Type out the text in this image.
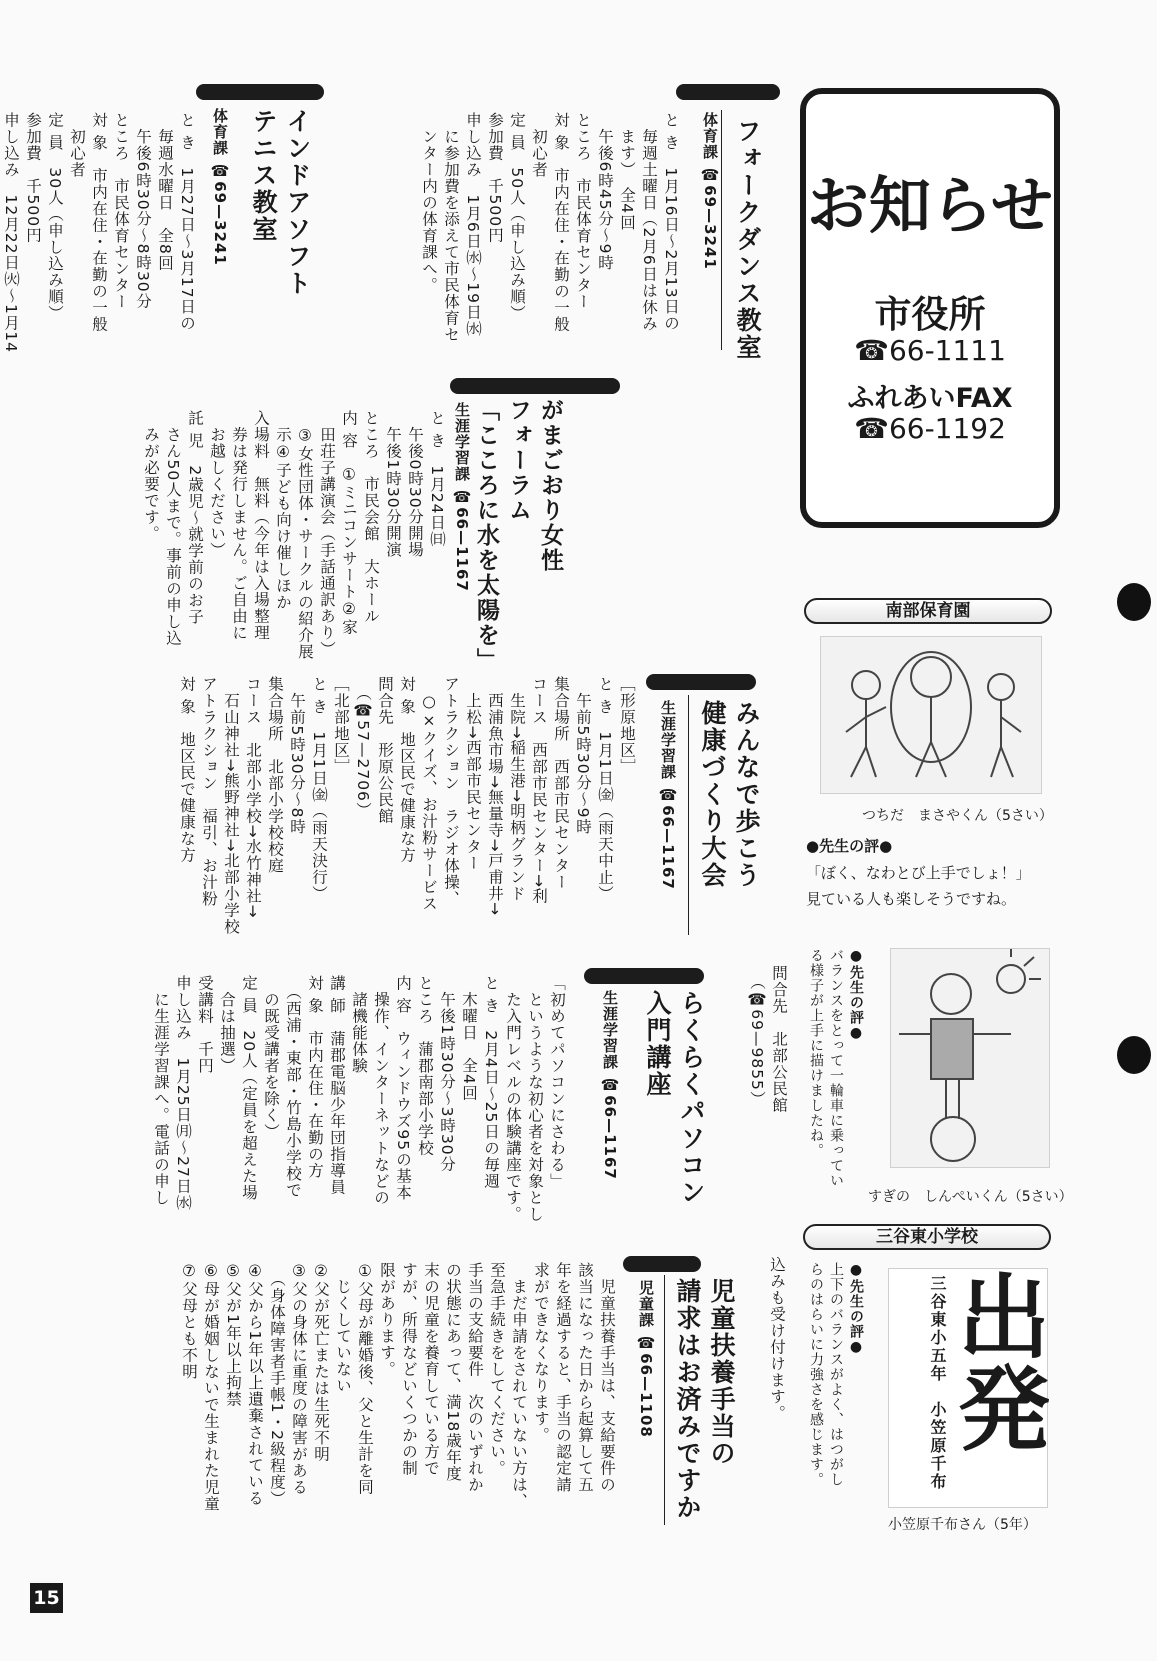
フォークダンス教室
体育課 ☎69—3241

と き　1月16日～2月13日の

　毎週土曜日（2月6日は休み

　ます）　全4回

　午後6時45分～9時

ところ　市民体育センター

対 象　市内在住・在勤の一般

　初心者

定 員　50人（申し込み順）

参加費　千500円

申し込み　1月6日㈬～19日㈬

　に参加費を添えて市民体育セ

　ンター内の体育課へ。

インドアソフト
テニス教室
体育課 ☎69—3241

と き　1月27日～3月17日の

　毎週水曜日　全8回

　午後6時30分～8時30分

ところ　市民体育センター

対 象　市内在住・在勤の一般

　初心者

定 員　30人（申し込み順）

参加費　千500円

申し込み　12月22日㈫～1月14	お知らせ
市役所
☎66-1111
ふれあいFAX
☎66-1192
がまごおり女性
フォーラム
「こころに水を太陽を」
生涯学習課 ☎66—1167

と き　1月24日㈰

　午後0時30分開場

　午後1時30分開演

ところ　市民会館　大ホール

内 容　①ミニコンサート②家

　田荘子講演会（手話通訳あり）

　③女性団体・サークルの紹介展

　示④子ども向け催しほか

入場料　無料（今年は入場整理

　券は発行しません。ご自由に

　お越しください）

託 児　2歳児～就学前のお子

　さん50人まで。事前の申し込

　みが必要です。

みんなで歩こう
健康づくり大会
生涯学習課 ☎66—1167

［形原地区］

と き　1月1日㈮（雨天中止）

　午前5時30分～9時

集合場所　西部市民センター

コース　西部市民センター→利

　生院→稲生港→明柄グランド

　西浦魚市場→無量寺→戸甫井→

　上松→西部市民センター

アトラクション　ラジオ体操、

　○×クイズ、お汁粉サービス

対 象　地区民で健康な方

問合先　形原公民館

　（☎57—2706）

［北部地区］

と き　1月1日㈮（雨天決行）

　午前5時30分～8時

集合場所　北部小学校校庭

コース　北部小学校→水竹神社→

　石山神社→熊野神社→北部小学校

アトラクション　福引、お汁粉

対 象　地区民で健康な方

問合先　北部公民館

　（☎69—9855）

らくらくパソコン
入門講座
生涯学習課 ☎66—1167

「初めてパソコンにさわる」

　というような初心者を対象とし

　た入門レベルの体験講座です。

と き　2月4日～25日の毎週

　木曜日　全4回

　午後1時30分～3時30分

ところ　蒲郡南部小学校

内 容　ウィンドウズ95の基本

　操作、インターネットなどの

　諸機能体験

講 師　蒲郡電脳少年団指導員

対 象　市内在住・在勤の方

　（西浦・東部・竹島小学校で

　の既受講者を除く）

定 員　20人（定員を超えた場

　合は抽選）

受講料　千円

申し込み　1月25日㈪～27日㈬

　に生涯学習課へ。電話の申し

　込みも受け付けます。

児童扶養手当の
請求はお済みですか
児童課 ☎66—1108

　児童扶養手当は、支給要件の

該当になった日から起算して五

年を経過すると、手当の認定請

求ができなくなります。

　まだ申請をされていない方は、

至急手続きをしてください。

手当の支給要件　次のいずれか

の状態にあって、満18歳年度

末の児童を養育している方で

すが、所得などいくつかの制

限があります。

①父母が離婚後、父と生計を同

　じくしていない

②父が死亡または生死不明

③父の身体に重度の障害がある

　（身体障害者手帳1・2級程度）

④父から1年以上遺棄されている

⑤父が1年以上拘禁

⑥母が婚姻しないで生まれた児童

⑦父母とも不明

南部保育園
つちだ　まさやくん（5さい）
●先生の評●
「ぼく、なわとび上手でしょ！」
見ている人も楽しそうですね。

●先生の評●

バランスをとって一輪車に乗ってい

る様子が上手に描けましたね。

すぎの　しんぺいくん（5さい）
三谷東小学校

●先生の評●

上下のバランスがよく、はつがし

らのはらいに力強さを感じます。	三谷東小五年　小笠原千布
出発
小笠原千布さん（5年）
15
